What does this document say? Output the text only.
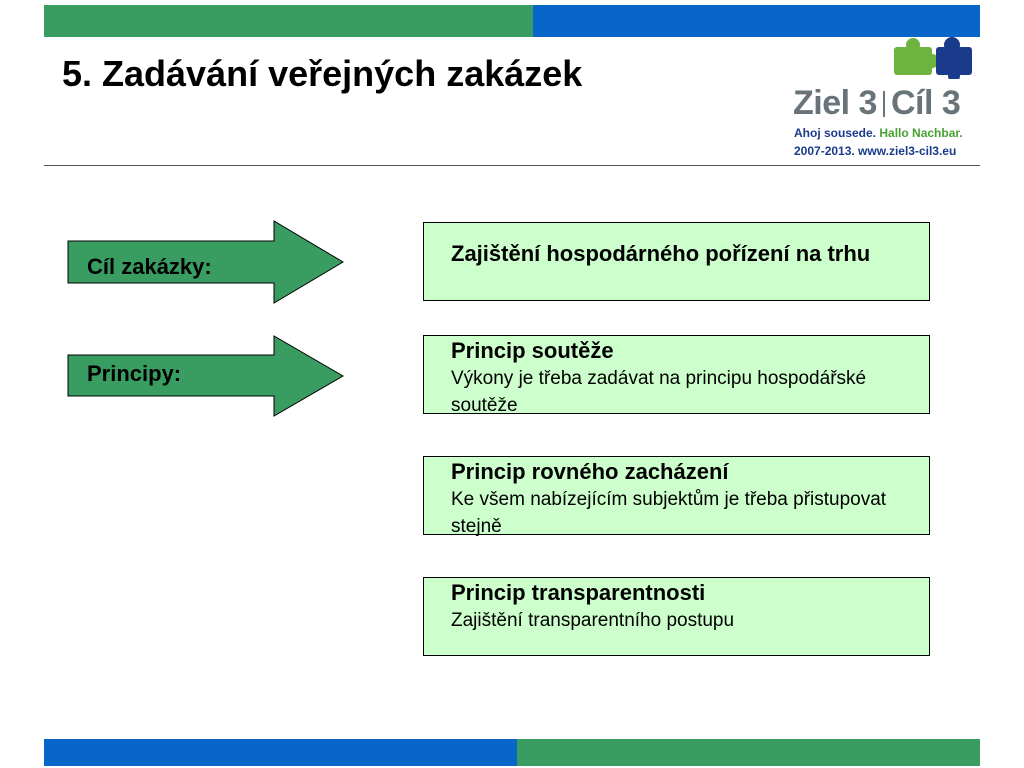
5. Zadávání veřejných zakázek
Ziel 3 Cíl 3
Ahoj sousede. Hallo Nachbar.
2007-2013. www.ziel3-cil3.eu
Cíl zakázky:
Principy:
Zajištění hospodárného pořízení na trhu
Princip soutěže
Výkony je třeba zadávat na principu hospodářské soutěže
Princip rovného zacházení
Ke všem nabízejícím subjektům je třeba přistupovat stejně
Princip transparentnosti
Zajištění transparentního postupu
